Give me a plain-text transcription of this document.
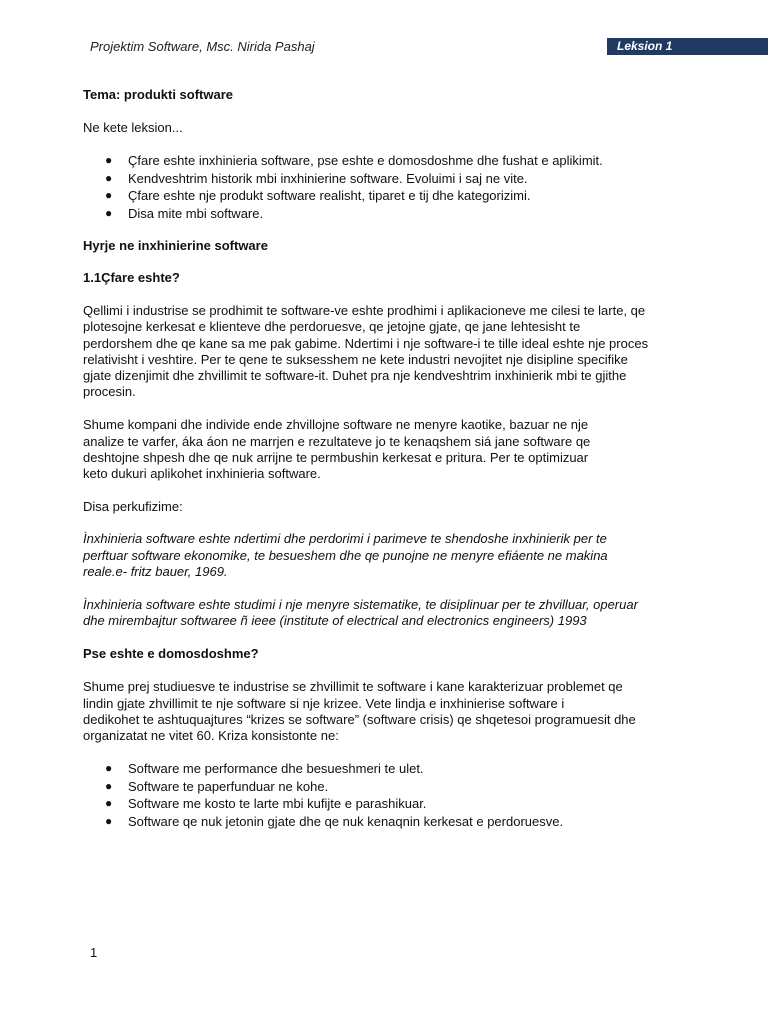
Projektim Software, Msc. Nirida Pashaj	Leksion 1

Tema: produkti software

Ne kete leksion...

● Çfare eshte inxhinieria software, pse eshte e domosdoshme dhe fushat e aplikimit.
● Kendveshtrim historik mbi inxhinierine software. Evoluimi i saj ne vite.
● Çfare eshte nje produkt software realisht, tiparet e tij dhe kategorizimi.
● Disa mite mbi software.

Hyrje ne inxhinierine software

1.1Çfare eshte?

Qellimi i industrise se prodhimit te software-ve eshte prodhimi i aplikacioneve me cilesi te larte, qe

plotesojne kerkesat e klienteve dhe perdoruesve, qe jetojne gjate, qe jane lehtesisht te

perdorshem dhe qe kane sa me pak gabime. Ndertimi i nje software-i te tille ideal eshte nje proces

relativisht i veshtire. Per te qene te suksesshem ne kete industri nevojitet nje disipline specifike

gjate dizenjimit dhe zhvillimit te software-it. Duhet pra nje kendveshtrim inxhinierik mbi te gjithe

procesin.

Shume kompani dhe individe ende zhvillojne software ne menyre kaotike, bazuar ne nje

analize te varfer, áka áon ne marrjen e rezultateve jo te kenaqshem siá jane software qe

deshtojne shpesh dhe qe nuk arrijne te permbushin kerkesat e pritura. Per te optimizuar

keto dukuri aplikohet inxhinieria software.

Disa perkufizime:

Ìnxhinieria software eshte ndertimi dhe perdorimi i parimeve te shendoshe inxhinierik per te

perftuar software ekonomike, te besueshem dhe qe punojne ne menyre efiáente ne makina

reale.e- fritz bauer, 1969.

Ìnxhinieria software eshte studimi i nje menyre sistematike, te disiplinuar per te zhvilluar, operuar

dhe mirembajtur softwaree ñ ieee (institute of electrical and electronics engineers) 1993

Pse eshte e domosdoshme?

Shume prej studiuesve te industrise se zhvillimit te software i kane karakterizuar problemet qe

lindin gjate zhvillimit te nje software si nje krizee. Vete lindja e inxhinierise software i

dedikohet te ashtuquajtures “krizes se software” (software crisis) qe shqetesoi programuesit dhe

organizatat ne vitet 60. Kriza konsistonte ne:

● Software me performance dhe besueshmeri te ulet.
● Software te paperfunduar ne kohe.
● Software me kosto te larte mbi kufijte e parashikuar.
● Software qe nuk jetonin gjate dhe qe nuk kenaqnin kerkesat e perdoruesve.
1
